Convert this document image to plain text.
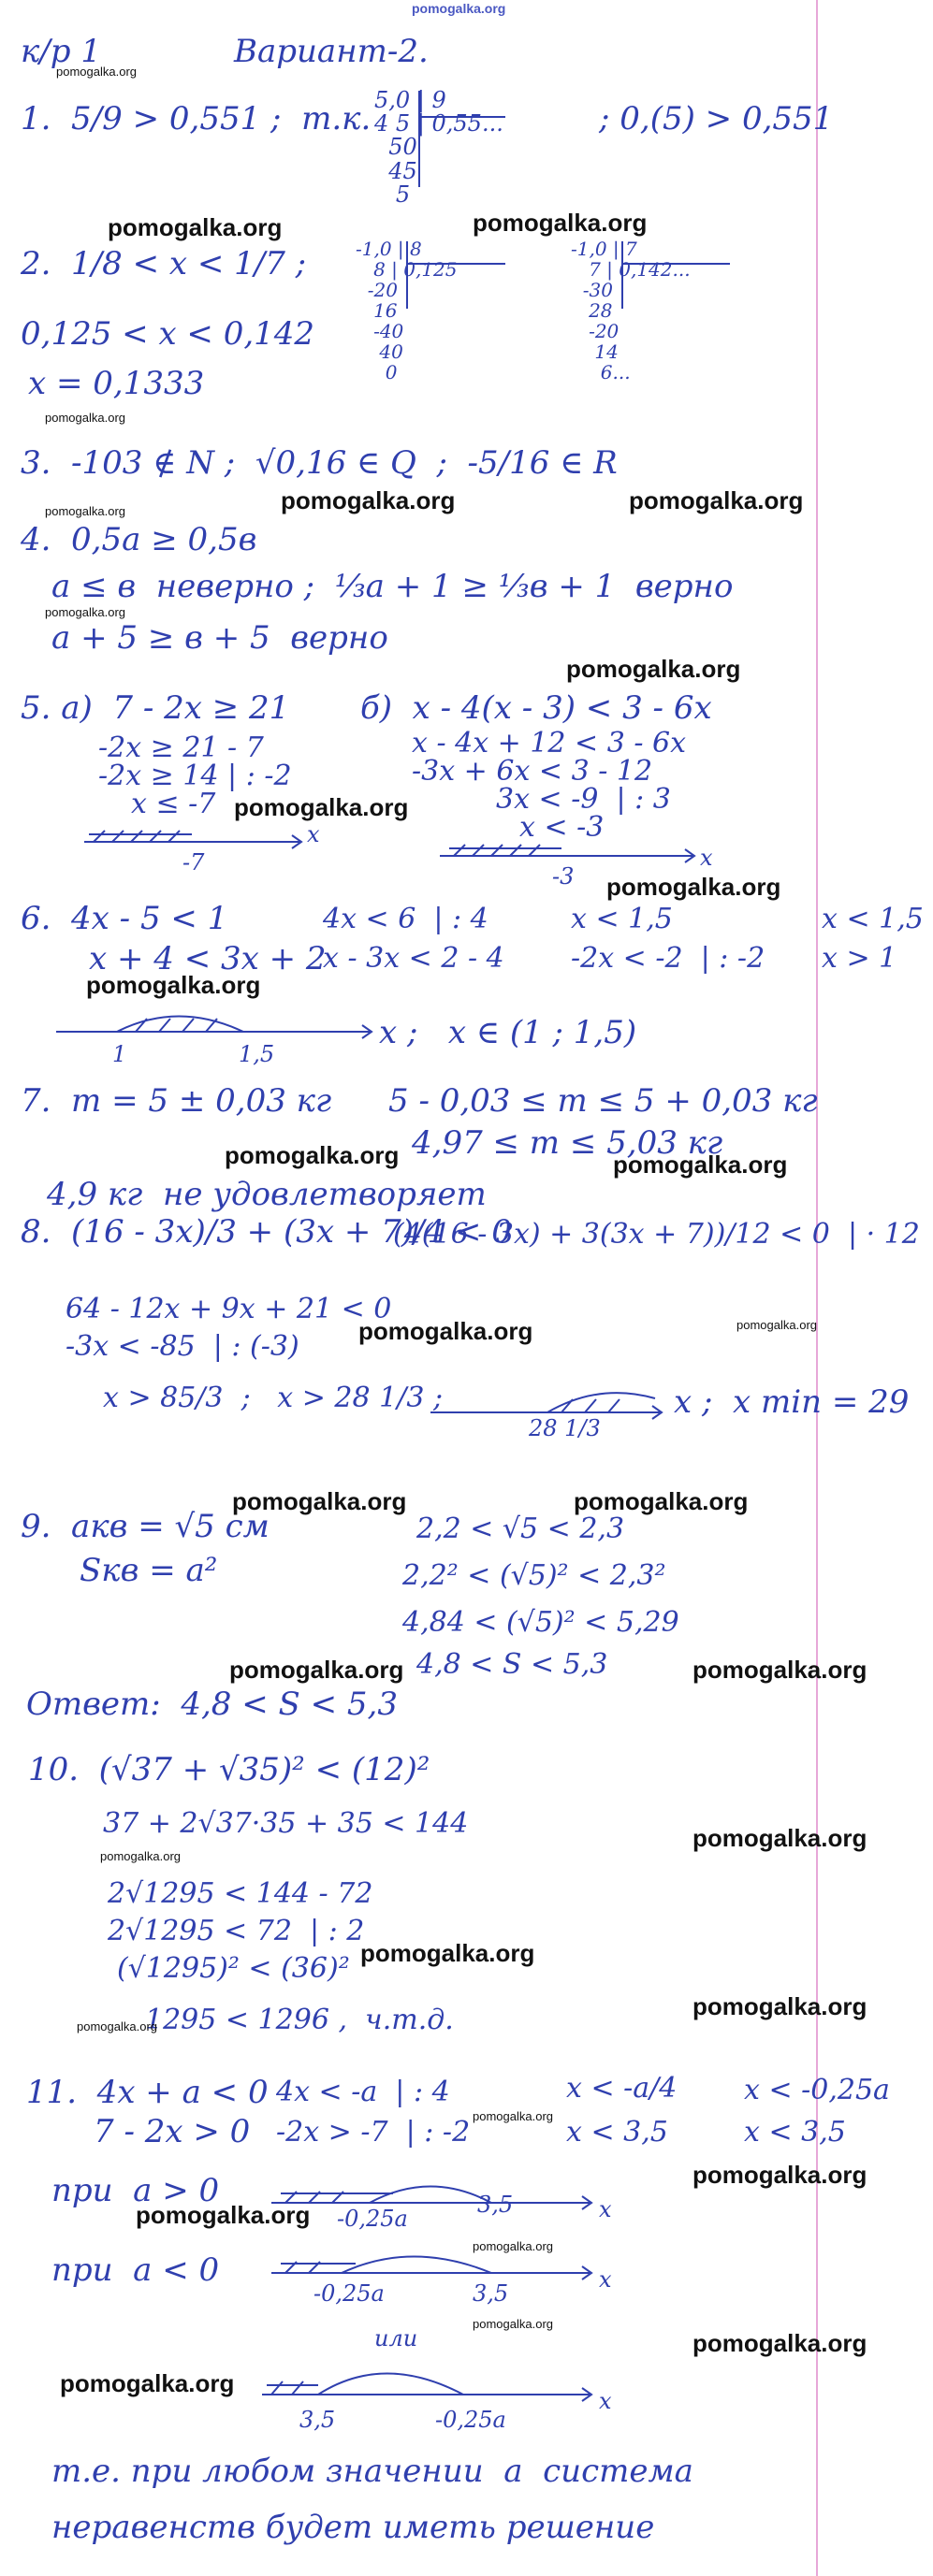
pomogalka.org
к/р 1	Вариант-2.
1.  5/9 > 0,551 ;  т.к. 5,0 | 9
4 5 | 0,55...
50
45
5
; 0,(5) > 0,551
2.  1/8 < x < 1/7 ;	-1,0 | 8
8 | 0,125
-20
16
-40
40
0
-1,0 | 7
7 | 0,142...
-30
28
-20
14
6...
0,125 < x < 0,142
x = 0,1333
3.  -103 ∉ N ;  √0,16 ∈ Q  ;  -5/16 ∈ R
4.  0,5a ≥ 0,5в
a ≤ в  неверно ;  ⅓a + 1 ≥ ⅓в + 1  верно
a + 5 ≥ в + 5  верно
5. а)  7 - 2x ≥ 21
-2x ≥ 21 - 7
-2x ≥ 14 | : -2
x ≤ -7
-7
б)  x - 4(x - 3) < 3 - 6x
x - 4x + 12 < 3 - 6x
-3x + 6x < 3 - 12
3x < -9  | : 3
x < -3
-3
x
x
6.  4x - 5 < 1
x + 4 < 3x + 2
4x < 6  | : 4
x - 3x < 2 - 4
x < 1,5
-2x < -2  | : -2
x < 1,5
x > 1
1	1,5
x ;   x ∈ (1 ; 1,5)
7.  m = 5 ± 0,03 кг 5 - 0,03 ≤ m ≤ 5 + 0,03 кг
4,97 ≤ m ≤ 5,03 кг
4,9 кг  не удовлетворяет
8.  (16 - 3x)/3 + (3x + 7)/4 < 0
(4(16 - 3x) + 3(3x + 7))/12 < 0  | · 12
64 - 12x + 9x + 21 < 0
-3x < -85  | : (-3)
x > 85/3  ;   x > 28 1/3 ;
28 1/3
x ;  x min = 29
9.  aкв = √5 см
Sкв = a²
2,2 < √5 < 2,3
2,2² < (√5)² < 2,3²
4,84 < (√5)² < 5,29
4,8 < S < 5,3
Ответ:  4,8 < S < 5,3
10.  (√37 + √35)² < (12)²
37 + 2√37·35 + 35 < 144
2√1295 < 144 - 72
2√1295 < 72  | : 2
(√1295)² < (36)²
1295 < 1296 ,  ч.т.д.
11.  4x + a < 0
7 - 2x > 0
4x < -a  | : 4
-2x > -7  | : -2
x < -a/4
x < 3,5
x < -0,25a
x < 3,5
при  a > 0
-0,25a
3,5
при  a < 0
-0,25a	3,5
или
3,5	-0,25a
x
x
x
т.е. при любом значении  a  система
неравенств будет иметь решение
pomogalka.org	pomogalka.org
pomogalka.org	pomogalka.org
pomogalka.org
pomogalka.org
pomogalka.org
pomogalka.org
pomogalka.org	pomogalka.org
pomogalka.org
pomogalka.org	pomogalka.org
pomogalka.org	pomogalka.org
pomogalka.org
pomogalka.org
pomogalka.org
pomogalka.org
pomogalka.org
pomogalka.org
pomogalka.org
pomogalka.org
pomogalka.org
pomogalka.org
pomogalka.org
pomogalka.org
pomogalka.org
pomogalka.org
pomogalka.org
pomogalka.org
pomogalka.org
